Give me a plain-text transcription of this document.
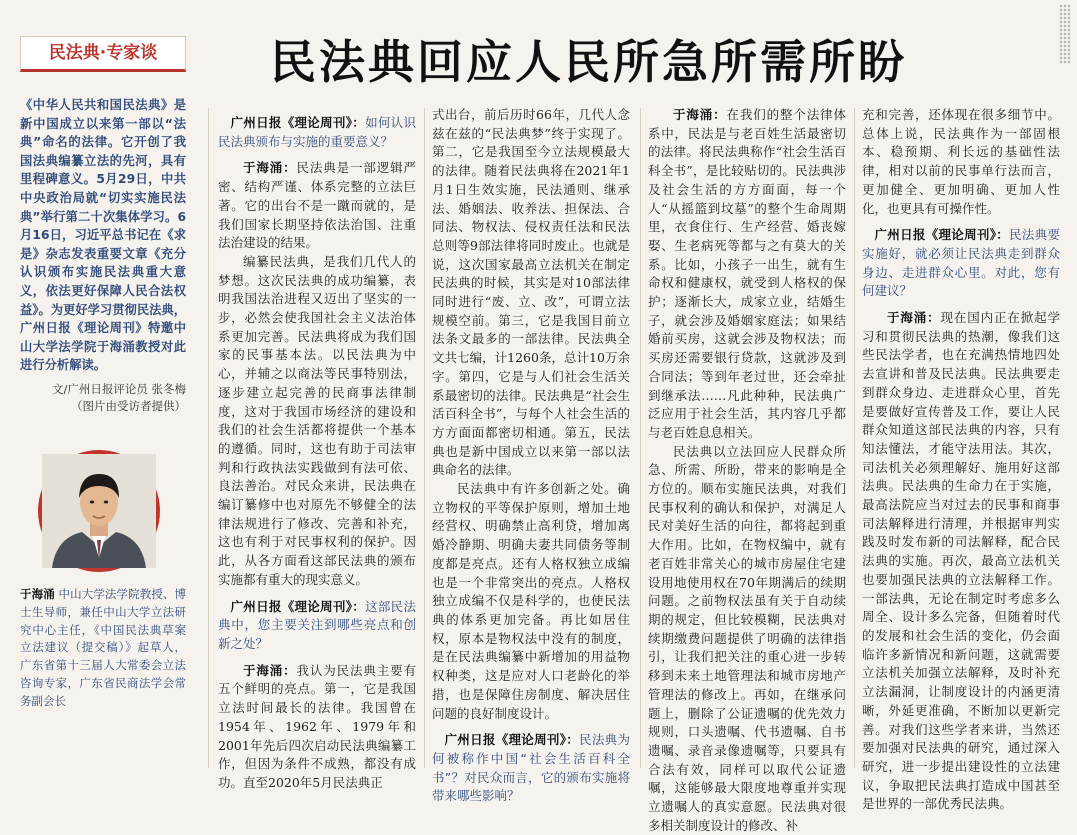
民法典·专家谈	民法典回应人民所急所需所盼
《中华人民共和国民法典》是新中国成立以来第一部以“法典”命名的法律。它开创了我国法典编纂立法的先河，具有里程碑意义。5月29日，中共中央政治局就“切实实施民法典”举行第二十次集体学习。6月16日，习近平总书记在《求是》杂志发表重要文章《充分认识颁布实施民法典重大意义，依法更好保障人民合法权益》。为更好学习贯彻民法典，广州日报《理论周刊》特邀中山大学法学院于海涌教授对此进行分析解读。
文/广州日报评论员 张冬梅
（图片由受访者提供）
于海涌 中山大学法学院教授、博士生导师，兼任中山大学立法研究中心主任，《中国民法典草案立法建议（提交稿）》起草人，广东省第十三届人大常委会立法咨询专家，广东省民商法学会常务副会长

广州日报《理论周刊》：如何认识民法典颁布与实施的重要意义？

于海涌：民法典是一部逻辑严密、结构严谨、体系完整的立法巨著。它的出台不是一蹴而就的，是我们国家长期坚持依法治国、注重法治建设的结果。

编纂民法典，是我们几代人的梦想。这次民法典的成功编纂，表明我国法治进程又迈出了坚实的一步，必然会使我国社会主义法治体系更加完善。民法典将成为我们国家的民事基本法。以民法典为中心，并辅之以商法等民事特别法，逐步建立起完善的民商事法律制度，这对于我国市场经济的建设和我们的社会生活都将提供一个基本的遵循。同时，这也有助于司法审判和行政执法实践做到有法可依、良法善治。对民众来讲，民法典在编订纂修中也对原先不够健全的法律法规进行了修改、完善和补充，这也有利于对民事权利的保护。因此，从各方面看这部民法典的颁布实施都有重大的现实意义。

广州日报《理论周刊》：这部民法典中，您主要关注到哪些亮点和创新之处？

于海涌：我认为民法典主要有五个鲜明的亮点。第一，它是我国立法时间最长的法律。我国曾在1954年、1962年、1979年和2001年先后四次启动民法典编纂工作，但因为条件不成熟，都没有成功。直至2020年5月民法典正

式出台，前后历时66年，几代人念兹在兹的“民法典梦”终于实现了。第二，它是我国至今立法规模最大的法律。随着民法典将在2021年1月1日生效实施，民法通则、继承法、婚姻法、收养法、担保法、合同法、物权法、侵权责任法和民法总则等9部法律将同时废止。也就是说，这次国家最高立法机关在制定民法典的时候，其实是对10部法律同时进行“废、立、改”，可谓立法规模空前。第三，它是我国目前立法条文最多的一部法律。民法典全文共七编，计1260条，总计10万余字。第四，它是与人们社会生活关系最密切的法律。民法典是“社会生活百科全书”，与每个人社会生活的方方面面都密切相通。第五，民法典也是新中国成立以来第一部以法典命名的法律。

民法典中有许多创新之处。确立物权的平等保护原则，增加土地经营权、明确禁止高利贷，增加离婚冷静期、明确夫妻共同债务等制度都是亮点。还有人格权独立成编也是一个非常突出的亮点。人格权独立成编不仅是科学的，也使民法典的体系更加完备。再比如居住权，原本是物权法中没有的制度，是在民法典编纂中新增加的用益物权种类，这是应对人口老龄化的举措，也是保障住房制度、解决居住问题的良好制度设计。

广州日报《理论周刊》：民法典为何被称作中国“社会生活百科全书”？对民众而言，它的颁布实施将带来哪些影响？

于海涌：在我们的整个法律体系中，民法是与老百姓生活最密切的法律。将民法典称作“社会生活百科全书”，是比较贴切的。民法典涉及社会生活的方方面面，每一个人“从摇篮到坟墓”的整个生命周期里，衣食住行、生产经营、婚丧嫁娶、生老病死等都与之有莫大的关系。比如，小孩子一出生，就有生命权和健康权，就受到人格权的保护；逐渐长大，成家立业，结婚生子，就会涉及婚姻家庭法；如果结婚前买房，这就会涉及物权法；而买房还需要银行贷款，这就涉及到合同法；等到年老过世，还会牵扯到继承法……凡此种种，民法典广泛应用于社会生活，其内容几乎都与老百姓息息相关。

民法典以立法回应人民群众所急、所需、所盼，带来的影响是全方位的。顺布实施民法典，对我们民事权利的确认和保护，对满足人民对美好生活的向往，都将起到重大作用。比如，在物权编中，就有老百姓非常关心的城市房屋住宅建设用地使用权在70年期满后的续期问题。之前物权法虽有关于自动续期的规定，但比较模糊，民法典对续期缴费问题提供了明确的法律指引，让我们把关注的重心进一步转移到未来土地管理法和城市房地产管理法的修改上。再如，在继承问题上，删除了公证遗嘱的优先效力规则，口头遗嘱、代书遗嘱、自书遗嘱、录音录像遗嘱等，只要具有合法有效，同样可以取代公证遗嘱，这能够最大限度地尊重并实现立遗嘱人的真实意愿。民法典对很多相关制度设计的修改、补

充和完善，还体现在很多细节中。总体上说，民法典作为一部固根本、稳预期、利长远的基础性法律，相对以前的民事单行法而言，更加健全、更加明确、更加人性化，也更具有可操作性。

广州日报《理论周刊》：民法典要实施好，就必须让民法典走到群众身边、走进群众心里。对此，您有何建议？

于海涌：现在国内正在掀起学习和贯彻民法典的热潮，像我们这些民法学者，也在充满热情地四处去宣讲和普及民法典。民法典要走到群众身边、走进群众心里，首先是要做好宣传普及工作，要让人民群众知道这部民法典的内容，只有知法懂法，才能守法用法。其次，司法机关必须理解好、施用好这部法典。民法典的生命力在于实施，最高法院应当对过去的民事和商事司法解释进行清理，并根据审判实践及时发布新的司法解释，配合民法典的实施。再次，最高立法机关也要加强民法典的立法解释工作。一部法典，无论在制定时考虑多么周全、设计多么完备，但随着时代的发展和社会生活的变化，仍会面临许多新情况和新问题，这就需要立法机关加强立法解释，及时补充立法漏洞，让制度设计的内涵更清晰，外延更准确，不断加以更新完善。对我们这些学者来讲，当然还要加强对民法典的研究，通过深入研究，进一步提出建设性的立法建议，争取把民法典打造成中国甚至是世界的一部优秀民法典。
